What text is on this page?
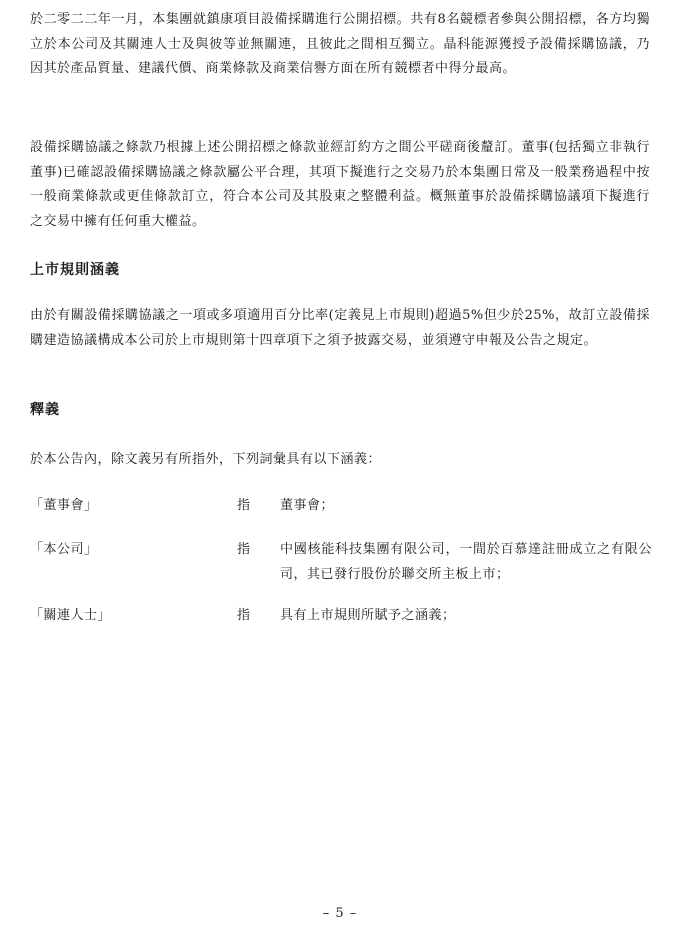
於二零二二年一月，本集團就鎮康項目設備採購進行公開招標。共有8名競標者參與公開招標，各方均獨立於本公司及其關連人士及與彼等並無關連，且彼此之間相互獨立。晶科能源獲授予設備採購協議，乃因其於產品質量、建議代價、商業條款及商業信譽方面在所有競標者中得分最高。

設備採購協議之條款乃根據上述公開招標之條款並經訂約方之間公平磋商後釐訂。董事(包括獨立非執行董事)已確認設備採購協議之條款屬公平合理，其項下擬進行之交易乃於本集團日常及一般業務過程中按一般商業條款或更佳條款訂立，符合本公司及其股東之整體利益。概無董事於設備採購協議項下擬進行之交易中擁有任何重大權益。

上市規則涵義

由於有關設備採購協議之一項或多項適用百分比率(定義見上市規則)超過5%但少於25%，故訂立設備採購建造協議構成本公司於上市規則第十四章項下之須予披露交易，並須遵守申報及公告之規定。

釋義

於本公告內，除文義另有所指外，下列詞彙具有以下涵義：

「董事會」	指 董事會；
「本公司」	指 中國核能科技集團有限公司，一間於百慕達註冊成立之有限公司，其已發行股份於聯交所主板上市；
「關連人士」	指 具有上市規則所賦予之涵義；
– 5 –
